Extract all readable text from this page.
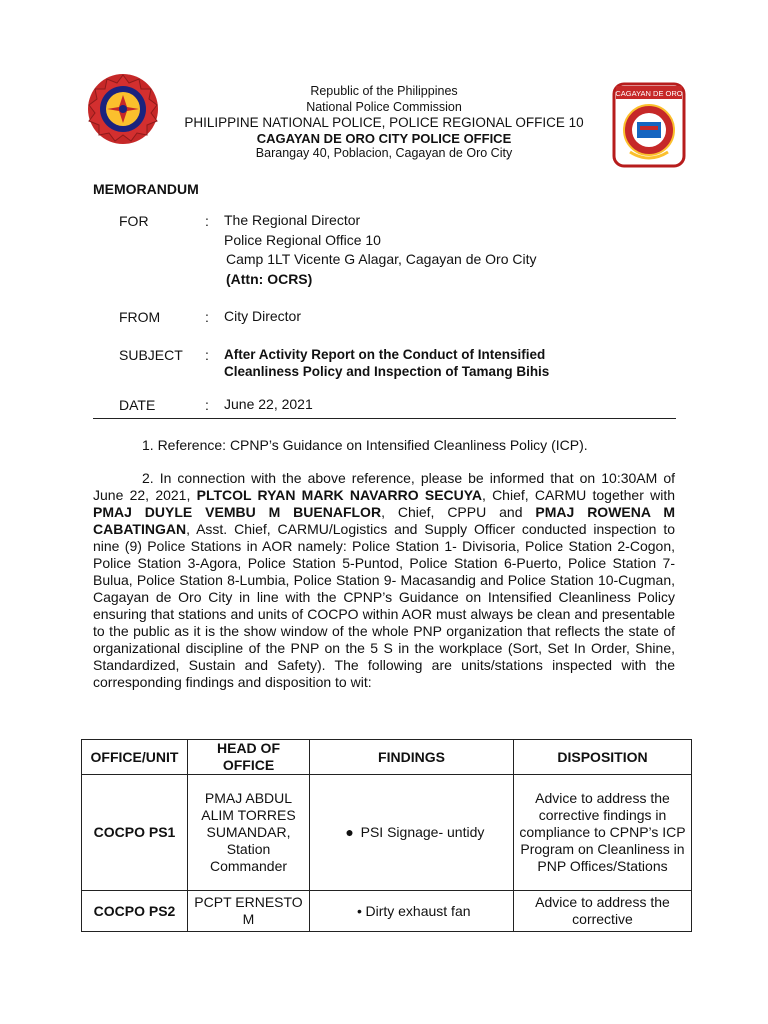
CAGAYAN DE ORO
Republic of the Philippines
National Police Commission
PHILIPPINE NATIONAL POLICE, POLICE REGIONAL OFFICE 10
CAGAYAN DE ORO CITY POLICE OFFICE
Barangay 40, Poblacion, Cagayan de Oro City
MEMORANDUM
FOR	: The Regional Director
Police Regional Office 10
Camp 1LT Vicente G Alagar, Cagayan de Oro City
(Attn: OCRS)
FROM	: City Director
SUBJECT : After Activity Report on the Conduct of Intensified
Cleanliness Policy and Inspection of Tamang Bihis
DATE	: June 22, 2021
1. Reference: CPNP’s Guidance on Intensified Cleanliness Policy (ICP).
2. In connection with the above reference, please be informed that on 10:30AM of June 22, 2021, PLTCOL RYAN MARK NAVARRO SECUYA, Chief, CARMU together with PMAJ DUYLE VEMBU M BUENAFLOR, Chief, CPPU and PMAJ ROWENA M CABATINGAN, Asst. Chief, CARMU/Logistics and Supply Officer conducted inspection to nine (9) Police Stations in AOR namely: Police Station 1- Divisoria, Police Station 2-Cogon, Police Station 3-Agora, Police Station 5-Puntod, Police Station 6-Puerto, Police Station 7-Bulua, Police Station 8-Lumbia, Police Station 9- Macasandig and Police Station 10-Cugman, Cagayan de Oro City in line with the CPNP’s Guidance on Intensified Cleanliness Policy ensuring that stations and units of COCPO within AOR must always be clean and presentable to the public as it is the show window of the whole PNP organization that reflects the state of organizational discipline of the PNP on the 5 S in the workplace (Sort, Set In Order, Shine, Standardized, Sustain and Safety). The following are units/stations inspected with the corresponding findings and disposition to wit:
OFFICE/UNIT	HEAD OF OFFICE	FINDINGS	DISPOSITION
COCPO PS1	PMAJ ABDUL ALIM TORRES SUMANDAR, Station Commander	● PSI Signage- untidy	Advice to address the corrective findings in compliance to CPNP’s ICP Program on Cleanliness in PNP Offices/Stations
COCPO PS2	PCPT ERNESTO M	• Dirty exhaust fan	Advice to address the corrective
